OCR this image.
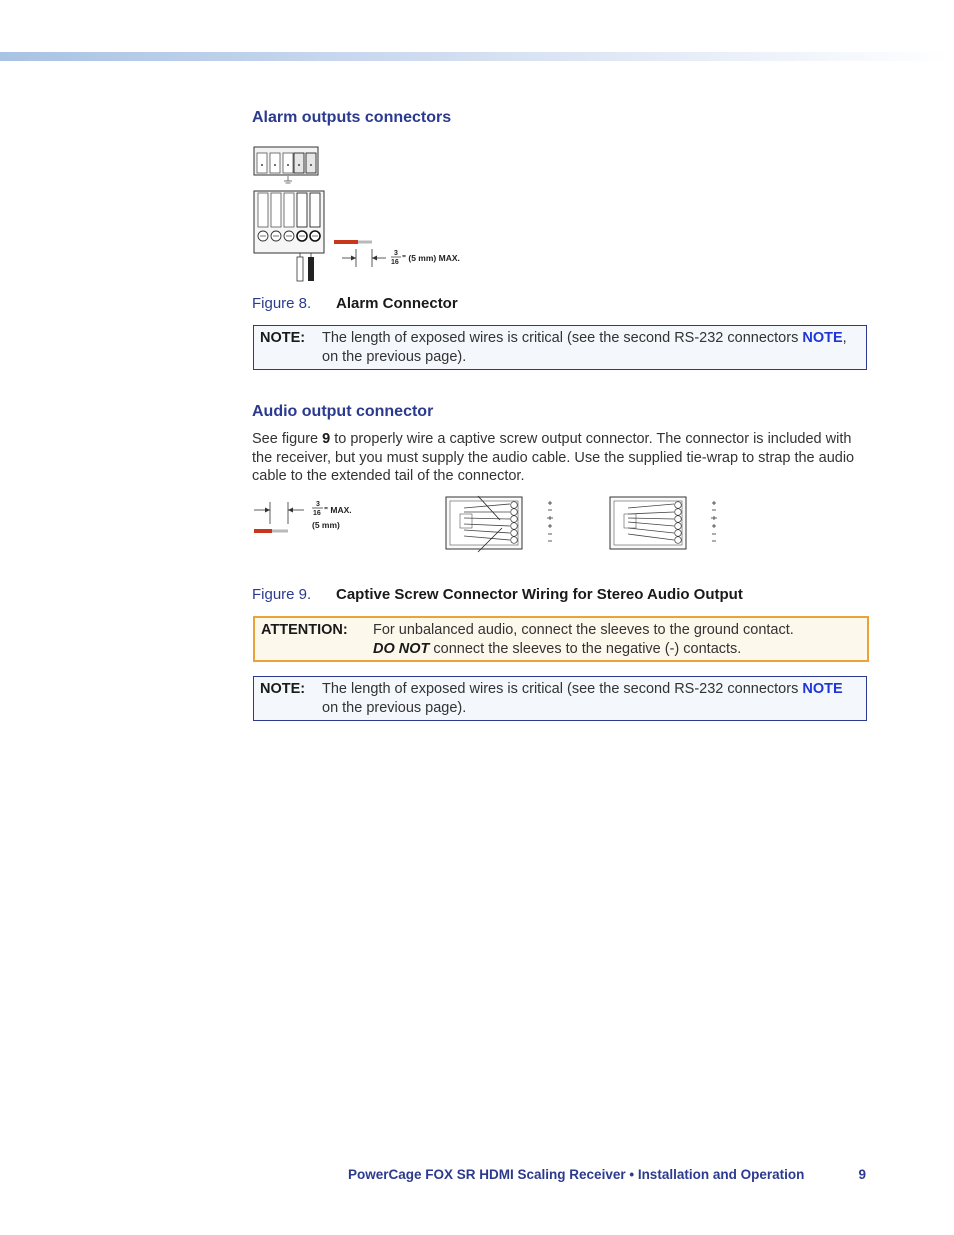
Alarm outputs connectors
3
16 " (5 mm) MAX.
Figure 8. Alarm Connector
NOTE: The length of exposed wires is critical (see the second RS-232 connectors NOTE, on the previous page).
Audio output connector
See figure 9 to properly wire a captive screw output connector. The connector is included with the receiver, but you must supply the audio cable. Use the supplied tie-wrap to strap the audio cable to the extended tail of the connector.
3
16 " MAX.
(5 mm)
Figure 9. Captive Screw Connector Wiring for Stereo Audio Output
ATTENTION: For unbalanced audio, connect the sleeves to the ground contact.
DO NOT connect the sleeves to the negative (-) contacts.
NOTE: The length of exposed wires is critical (see the second RS-232 connectors NOTE on the previous page).
PowerCage FOX SR HDMI Scaling Receiver • Installation and Operation	9
